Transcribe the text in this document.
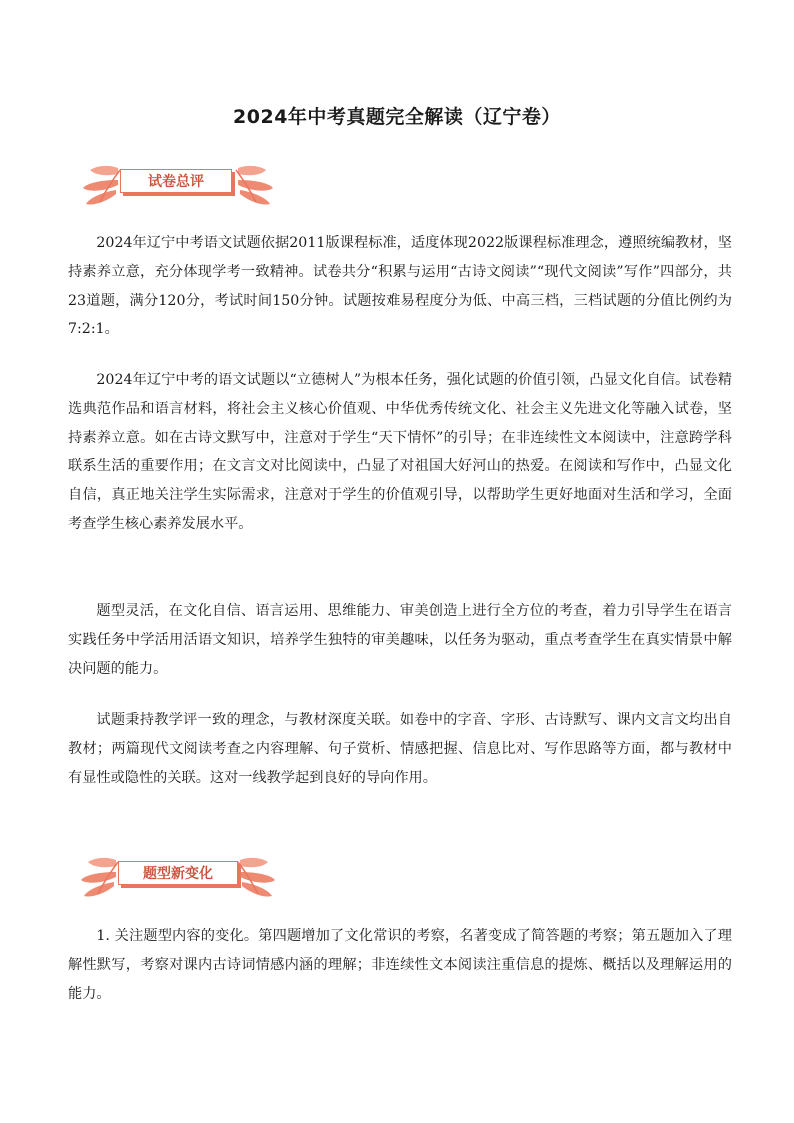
2024年中考真题完全解读（辽宁卷）
试卷总评

2024年辽宁中考语文试题依据2011版课程标准，适度体现2022版课程标准理念，遵照统编教材，坚持素养立意，充分体现学考一致精神。试卷共分“积累与运用“古诗文阅读”“现代文阅读”写作”四部分，共23道题，满分120分，考试时间150分钟。试题按难易程度分为低、中高三档，三档试题的分值比例约为7:2:1。

2024年辽宁中考的语文试题以“立德树人”为根本任务，强化试题的价值引领，凸显文化自信。试卷精选典范作品和语言材料，将社会主义核心价值观、中华优秀传统文化、社会主义先进文化等融入试卷，坚持素养立意。如在古诗文默写中，注意对于学生“天下情怀”的引导；在非连续性文本阅读中，注意跨学科联系生活的重要作用；在文言文对比阅读中，凸显了对祖国大好河山的热爱。在阅读和写作中，凸显文化自信，真正地关注学生实际需求，注意对于学生的价值观引导，以帮助学生更好地面对生活和学习，全面考查学生核心素养发展水平。

题型灵活，在文化自信、语言运用、思维能力、审美创造上进行全方位的考查，着力引导学生在语言实践任务中学活用活语文知识，培养学生独特的审美趣味，以任务为驱动，重点考查学生在真实情景中解决问题的能力。

试题秉持教学评一致的理念，与教材深度关联。如卷中的字音、字形、古诗默写、课内文言文均出自教材；两篇现代文阅读考查之内容理解、句子赏析、情感把握、信息比对、写作思路等方面，都与教材中有显性或隐性的关联。这对一线教学起到良好的导向作用。

题型新变化

1. 关注题型内容的变化。第四题增加了文化常识的考察，名著变成了简答题的考察；第五题加入了理解性默写，考察对课内古诗词情感内涵的理解；非连续性文本阅读注重信息的提炼、概括以及理解运用的能力。
